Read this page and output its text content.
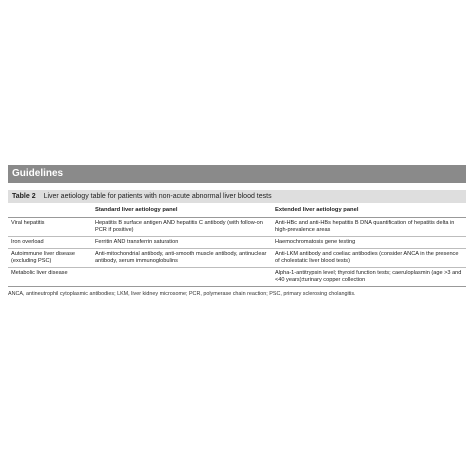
Guidelines
Table 2 Liver aetiology table for patients with non-acute abnormal liver blood tests
	Standard liver aetiology panel	Extended liver aetiology panel
Viral hepatitis	Hepatitis B surface antigen AND hepatitis C antibody (with follow-on PCR if positive)	Anti-HBc and anti-HBs hepatitis B DNA quantification of hepatitis delta in high-prevalence areas
Iron overload	Ferritin AND transferrin saturation	Haemochromatosis gene testing
Autoimmune liver disease (excluding PSC)	Anti-mitochondrial antibody, anti-smooth muscle antibody, antinuclear antibody, serum immunoglobulins	Anti-LKM antibody and coeliac antibodies (consider ANCA in the presence of cholestatic liver blood tests)
Metabolic liver disease		Alpha-1-antitrypsin level; thyroid function tests; caeruloplasmin (age >3 and <40 years)±urinary copper collection
ANCA, antineutrophil cytoplasmic antibodies; LKM, liver kidney microsome; PCR, polymerase chain reaction; PSC, primary sclerosing cholangitis.
